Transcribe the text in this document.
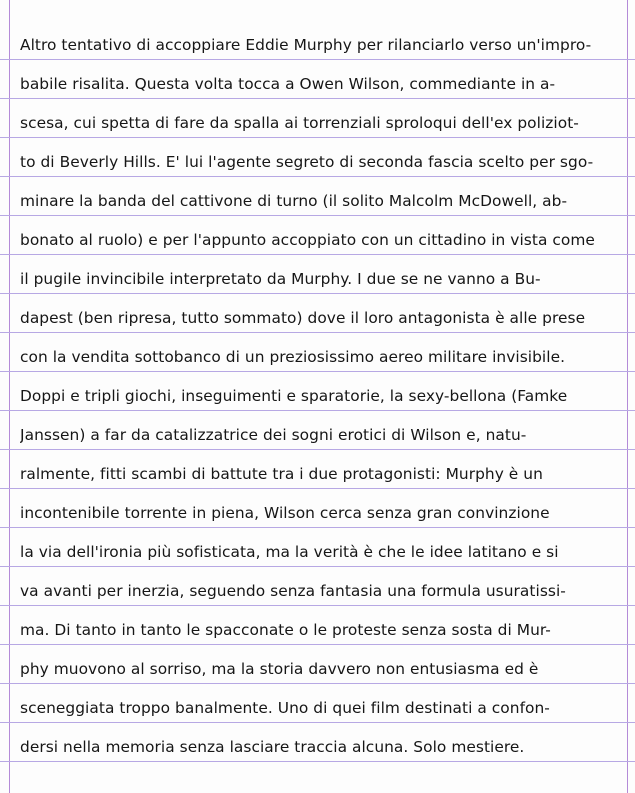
Altro tentativo di accoppiare Eddie Murphy per rilanciarlo verso un'impro-
babile risalita. Questa volta tocca a Owen Wilson, commediante in a-
scesa, cui spetta di fare da spalla ai torrenziali sproloqui dell'ex poliziot-
to di Beverly Hills. E' lui l'agente segreto di seconda fascia scelto per sgo-
minare la banda del cattivone di turno (il solito Malcolm McDowell, ab-
bonato al ruolo) e per l'appunto accoppiato con un cittadino in vista come
il pugile invincibile interpretato da Murphy. I due se ne vanno a Bu-
dapest (ben ripresa, tutto sommato) dove il loro antagonista è alle prese
con la vendita sottobanco di un preziosissimo aereo militare invisibile.
Doppi e tripli giochi, inseguimenti e sparatorie, la sexy-bellona (Famke
Janssen) a far da catalizzatrice dei sogni erotici di Wilson e, natu-
ralmente, fitti scambi di battute tra i due protagonisti: Murphy è un
incontenibile torrente in piena, Wilson cerca senza gran convinzione
la via dell'ironia più sofisticata, ma la verità è che le idee latitano e si
va avanti per inerzia, seguendo senza fantasia una formula usuratissi-
ma. Di tanto in tanto le spacconate o le proteste senza sosta di Mur-
phy muovono al sorriso, ma la storia davvero non entusiasma ed è
sceneggiata troppo banalmente. Uno di quei film destinati a confon-
dersi nella memoria senza lasciare traccia alcuna. Solo mestiere.
